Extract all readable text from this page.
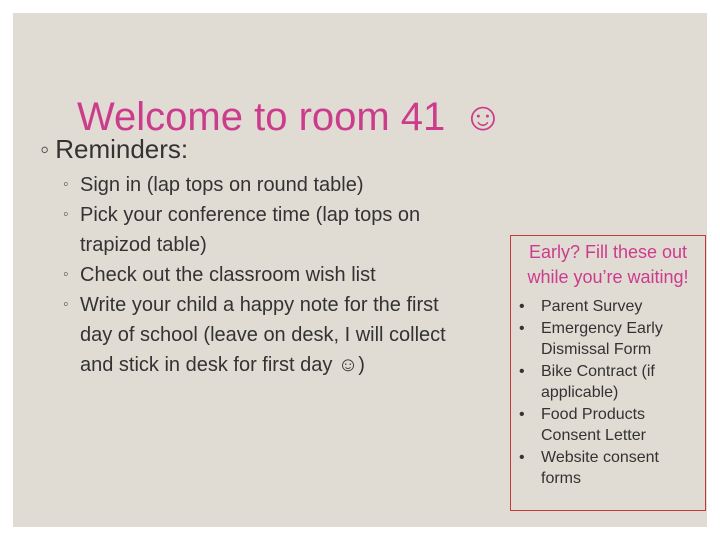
Welcome to room 41 ☺
◦ Reminders:
◦ Sign in (lap tops on round table)
◦ Pick your conference time (lap tops on trapizod table)
◦ Check out the classroom wish list
◦ Write your child a happy note for the first day of school (leave on desk, I will collect and stick in desk for first day ☺)
Early? Fill these out while you’re waiting!
• Parent Survey
• Emergency Early Dismissal Form
• Bike Contract (if applicable)
• Food Products Consent Letter
• Website consent forms
